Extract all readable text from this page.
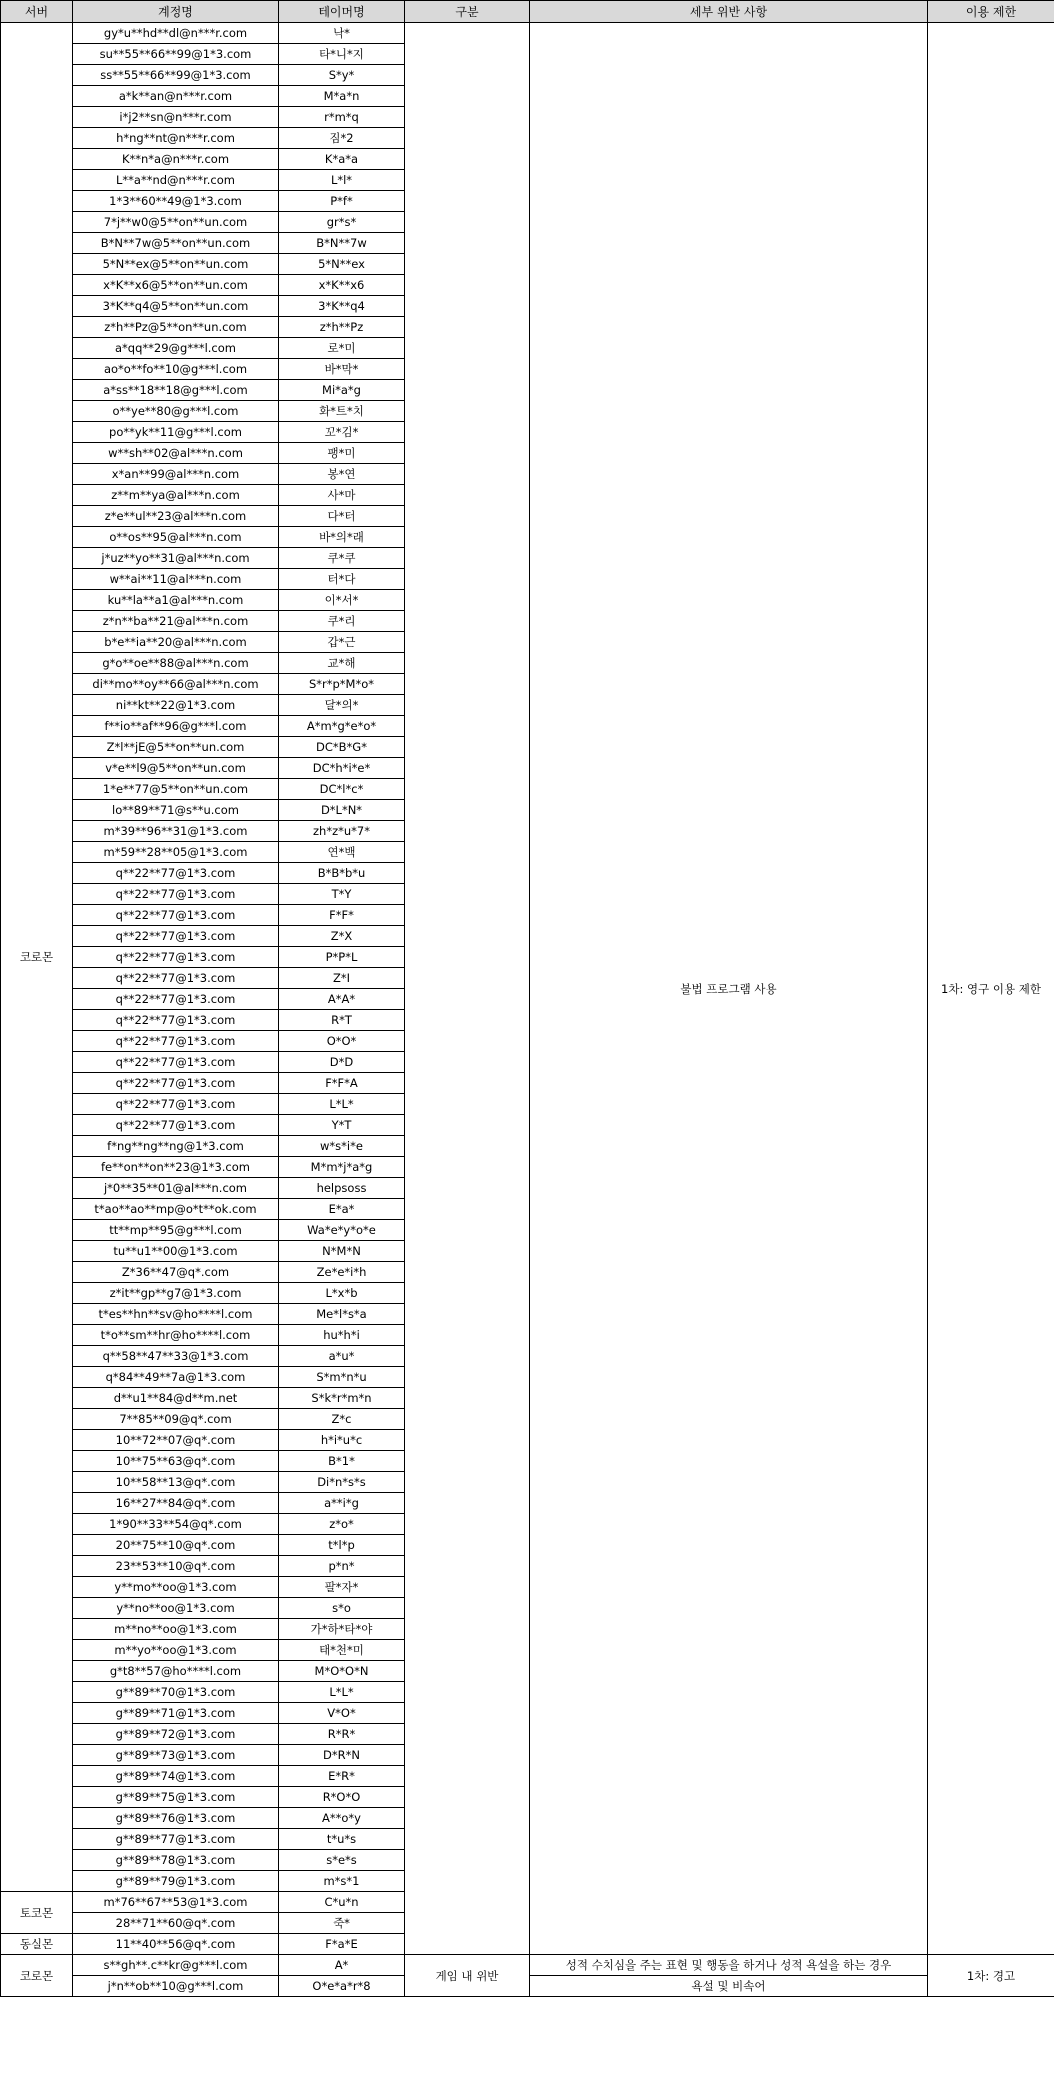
서버	계정명	테이머명	구분	세부 위반 사항	이용 제한
코로몬	gy*u**hd**dl@n***r.com	낙*		불법 프로그램 사용	1차: 영구 이용 제한
	su**55**66**99@1*3.com	타*니*지			
	ss**55**66**99@1*3.com	S*y*			
	a*k**an@n***r.com	M*a*n			
	i*j2**sn@n***r.com	r*m*q			
	h*ng**nt@n***r.com	짐*2			
	K**n*a@n***r.com	K*a*a			
	L**a**nd@n***r.com	L*l*			
	1*3**60**49@1*3.com	P*f*			
	7*j**w0@5**on**un.com	gr*s*			
	B*N**7w@5**on**un.com	B*N**7w			
	5*N**ex@5**on**un.com	5*N**ex			
	x*K**x6@5**on**un.com	x*K**x6			
	3*K**q4@5**on**un.com	3*K**q4			
	z*h**Pz@5**on**un.com	z*h**Pz			
	a*qq**29@g***l.com	로*미			
	ao*o**fo**10@g***l.com	바*막*			
	a*ss**18**18@g***l.com	Mi*a*g			
	o**ye**80@g***l.com	화*트*치			
	po**yk**11@g***l.com	꼬*김*			
	w**sh**02@al***n.com	팽*미			
	x*an**99@al***n.com	봉*연			
	z**m**ya@al***n.com	사*마			
	z*e**ul**23@al***n.com	다*터			
	o**os**95@al***n.com	바*의*래			
	j*uz**yo**31@al***n.com	쿠*쿠			
	w**ai**11@al***n.com	터*다			
	ku**la**a1@al***n.com	이*서*			
	z*n**ba**21@al***n.com	쿠*리			
	b*e**ia**20@al***n.com	갑*근			
	g*o**oe**88@al***n.com	교*해			
	di**mo**oy**66@al***n.com	S*r*p*M*o*			
	ni**kt**22@1*3.com	달*의*			
	f**io**af**96@g***l.com	A*m*g*e*o*			
	Z*l**jE@5**on**un.com	DC*B*G*			
	v*e**l9@5**on**un.com	DC*h*i*e*			
	1*e**77@5**on**un.com	DC*l*c*			
	lo**89**71@s**u.com	D*L*N*			
	m*39**96**31@1*3.com	zh*z*u*7*			
	m*59**28**05@1*3.com	연*백			
	q**22**77@1*3.com	B*B*b*u			
	q**22**77@1*3.com	T*Y			
	q**22**77@1*3.com	F*F*			
	q**22**77@1*3.com	Z*X			
	q**22**77@1*3.com	P*P*L			
	q**22**77@1*3.com	Z*I			
	q**22**77@1*3.com	A*A*			
	q**22**77@1*3.com	R*T			
	q**22**77@1*3.com	O*O*			
	q**22**77@1*3.com	D*D			
	q**22**77@1*3.com	F*F*A			
	q**22**77@1*3.com	L*L*			
	q**22**77@1*3.com	Y*T			
	f*ng**ng**ng@1*3.com	w*s*i*e			
	fe**on**on**23@1*3.com	M*m*j*a*g			
	j*0**35**01@al***n.com	helpsoss			
	t*ao**ao**mp@o*t**ok.com	E*a*			
	tt**mp**95@g***l.com	Wa*e*y*o*e			
	tu**u1**00@1*3.com	N*M*N			
	Z*36**47@q*.com	Ze*e*i*h			
	z*it**gp**g7@1*3.com	L*x*b			
	t*es**hn**sv@ho****l.com	Me*l*s*a			
	t*o**sm**hr@ho****l.com	hu*h*i			
	q**58**47**33@1*3.com	a*u*			
	q*84**49**7a@1*3.com	S*m*n*u			
	d**u1**84@d**m.net	S*k*r*m*n			
	7**85**09@q*.com	Z*c			
	10**72**07@q*.com	h*i*u*c			
	10**75**63@q*.com	B*1*			
	10**58**13@q*.com	Di*n*s*s			
	16**27**84@q*.com	a**i*g			
	1*90**33**54@q*.com	z*o*			
	20**75**10@q*.com	t*l*p			
	23**53**10@q*.com	p*n*			
	y**mo**oo@1*3.com	팔*자*			
	y**no**oo@1*3.com	s*o			
	m**no**oo@1*3.com	가*하*타*야			
	m**yo**oo@1*3.com	태*천*미			
	g*t8**57@ho****l.com	M*O*O*N			
	g**89**70@1*3.com	L*L*			
	g**89**71@1*3.com	V*O*			
	g**89**72@1*3.com	R*R*			
	g**89**73@1*3.com	D*R*N			
	g**89**74@1*3.com	E*R*			
	g**89**75@1*3.com	R*O*O			
	g**89**76@1*3.com	A**o*y			
	g**89**77@1*3.com	t*u*s			
	g**89**78@1*3.com	s*e*s			
	g**89**79@1*3.com	m*s*1			
토코몬	m*76**67**53@1*3.com	C*u*n			
	28**71**60@q*.com	죽*			
동실몬	11**40**56@q*.com	F*a*E			
코로몬	s**gh**.c**kr@g***l.com	A*	게임 내 위반	성적 수치심을 주는 표현 및 행동을 하거나 성적 욕설을 하는 경우	1차: 경고
	j*n**ob**10@g***l.com	O*e*a*r*8		욕설 및 비속어	
